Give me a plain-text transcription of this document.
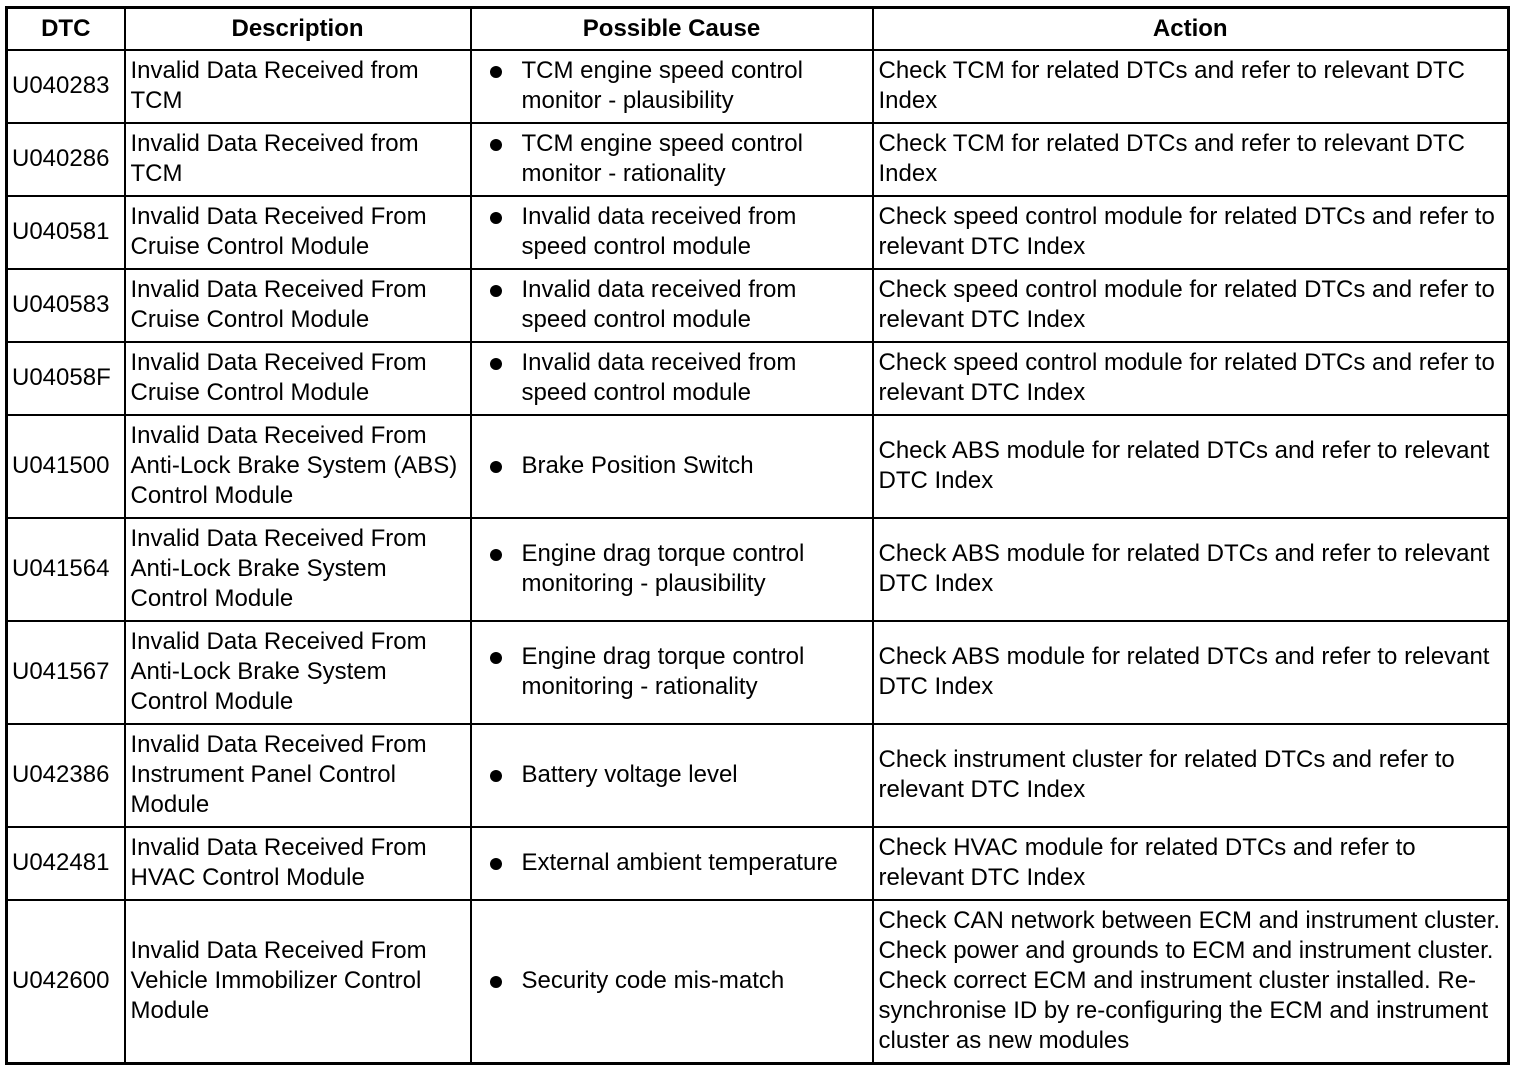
DTC	Description	Possible Cause	Action
U040283	Invalid Data Received from TCM	TCM engine speed control monitor - plausibility	Check TCM for related DTCs and refer to relevant DTC Index
U040286	Invalid Data Received from TCM	TCM engine speed control monitor - rationality	Check TCM for related DTCs and refer to relevant DTC Index
U040581	Invalid Data Received From Cruise Control Module	Invalid data received from speed control module	Check speed control module for related DTCs and refer to relevant DTC Index
U040583	Invalid Data Received From Cruise Control Module	Invalid data received from speed control module	Check speed control module for related DTCs and refer to relevant DTC Index
U04058F	Invalid Data Received From Cruise Control Module	Invalid data received from speed control module	Check speed control module for related DTCs and refer to relevant DTC Index
U041500	Invalid Data Received From Anti-Lock Brake System (ABS) Control Module	Brake Position Switch	Check ABS module for related DTCs and refer to relevant DTC Index
U041564	Invalid Data Received From Anti-Lock Brake System Control Module	Engine drag torque control monitoring - plausibility	Check ABS module for related DTCs and refer to relevant DTC Index
U041567	Invalid Data Received From Anti-Lock Brake System Control Module	Engine drag torque control monitoring - rationality	Check ABS module for related DTCs and refer to relevant DTC Index
U042386	Invalid Data Received From Instrument Panel Control Module	Battery voltage level	Check instrument cluster for related DTCs and refer to relevant DTC Index
U042481	Invalid Data Received From HVAC Control Module	External ambient temperature	Check HVAC module for related DTCs and refer to relevant DTC Index
U042600	Invalid Data Received From Vehicle Immobilizer Control Module	Security code mis-match	Check CAN network between ECM and instrument cluster. Check power and grounds to ECM and instrument cluster. Check correct ECM and instrument cluster installed. Re-synchronise ID by re-configuring the ECM and instrument cluster as new modules
